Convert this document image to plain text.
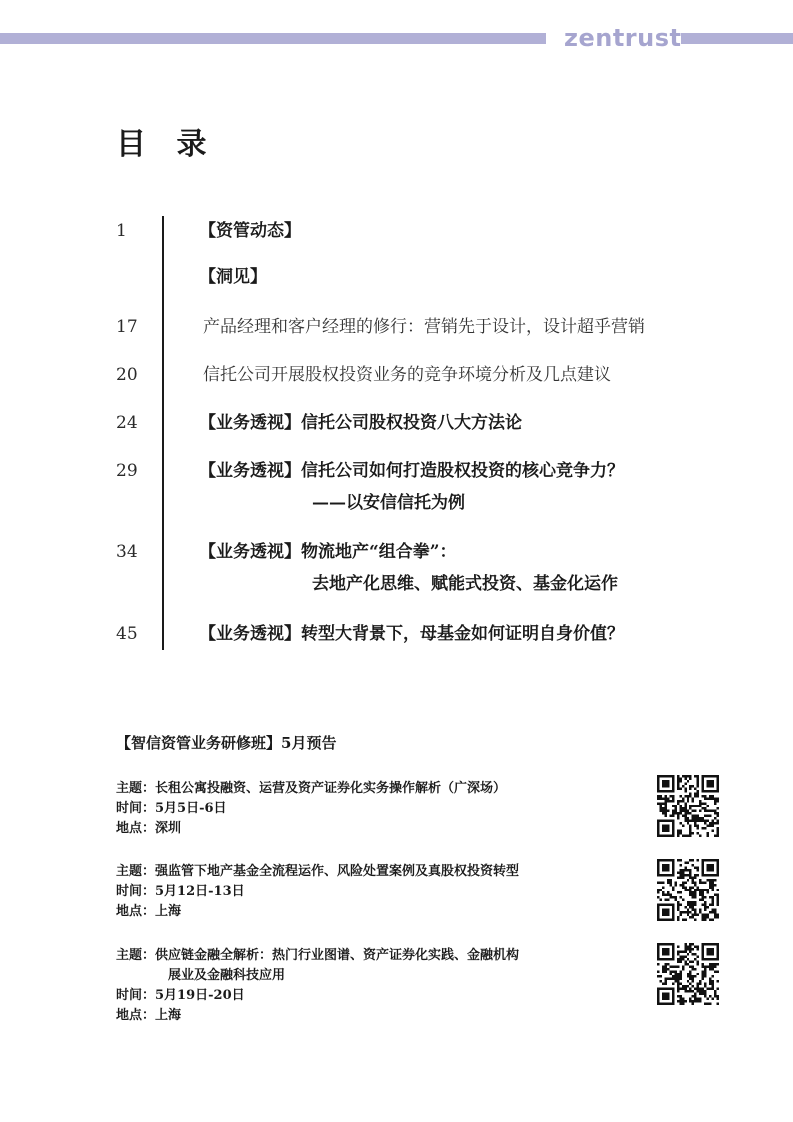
zentrust
目 录
1	【资管动态】
【洞见】
17	产品经理和客户经理的修行：营销先于设计，设计超乎营销
20	信托公司开展股权投资业务的竞争环境分析及几点建议
24	【业务透视】信托公司股权投资八大方法论
29	【业务透视】信托公司如何打造股权投资的核心竞争力？
——以安信信托为例
34	【业务透视】物流地产“组合拳”：
去地产化思维、赋能式投资、基金化运作
45	【业务透视】转型大背景下，母基金如何证明自身价值？
【智信资管业务研修班】5月预告
主题：长租公寓投融资、运营及资产证券化实务操作解析（广深场）
时间：5月5日-6日
地点：深圳
主题：强监管下地产基金全流程运作、风险处置案例及真股权投资转型
时间：5月12日-13日
地点：上海
主题：供应链金融全解析：热门行业图谱、资产证券化实践、金融机构
展业及金融科技应用
时间：5月19日-20日
地点：上海
